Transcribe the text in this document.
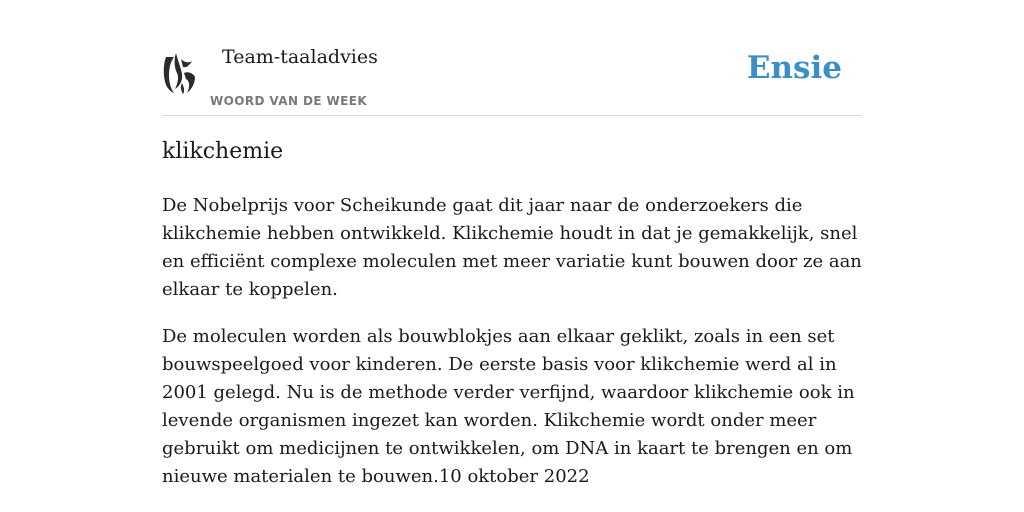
Team-taaladvies
WOORD VAN DE WEEK
Ensie
klikchemie

De Nobelprijs voor Scheikunde gaat dit jaar naar de onderzoekers die klikchemie hebben ontwikkeld. Klikchemie houdt in dat je gemakkelijk, snel en efficiënt complexe moleculen met meer variatie kunt bouwen door ze aan elkaar te koppelen.

De moleculen worden als bouwblokjes aan elkaar geklikt, zoals in een set bouwspeelgoed voor kinderen. De eerste basis voor klikchemie werd al in 2001 gelegd. Nu is de methode verder verfijnd, waardoor klikchemie ook in levende organismen ingezet kan worden. Klikchemie wordt onder meer gebruikt om medicijnen te ontwikkelen, om DNA in kaart te brengen en om nieuwe materialen te bouwen.10 oktober 2022
